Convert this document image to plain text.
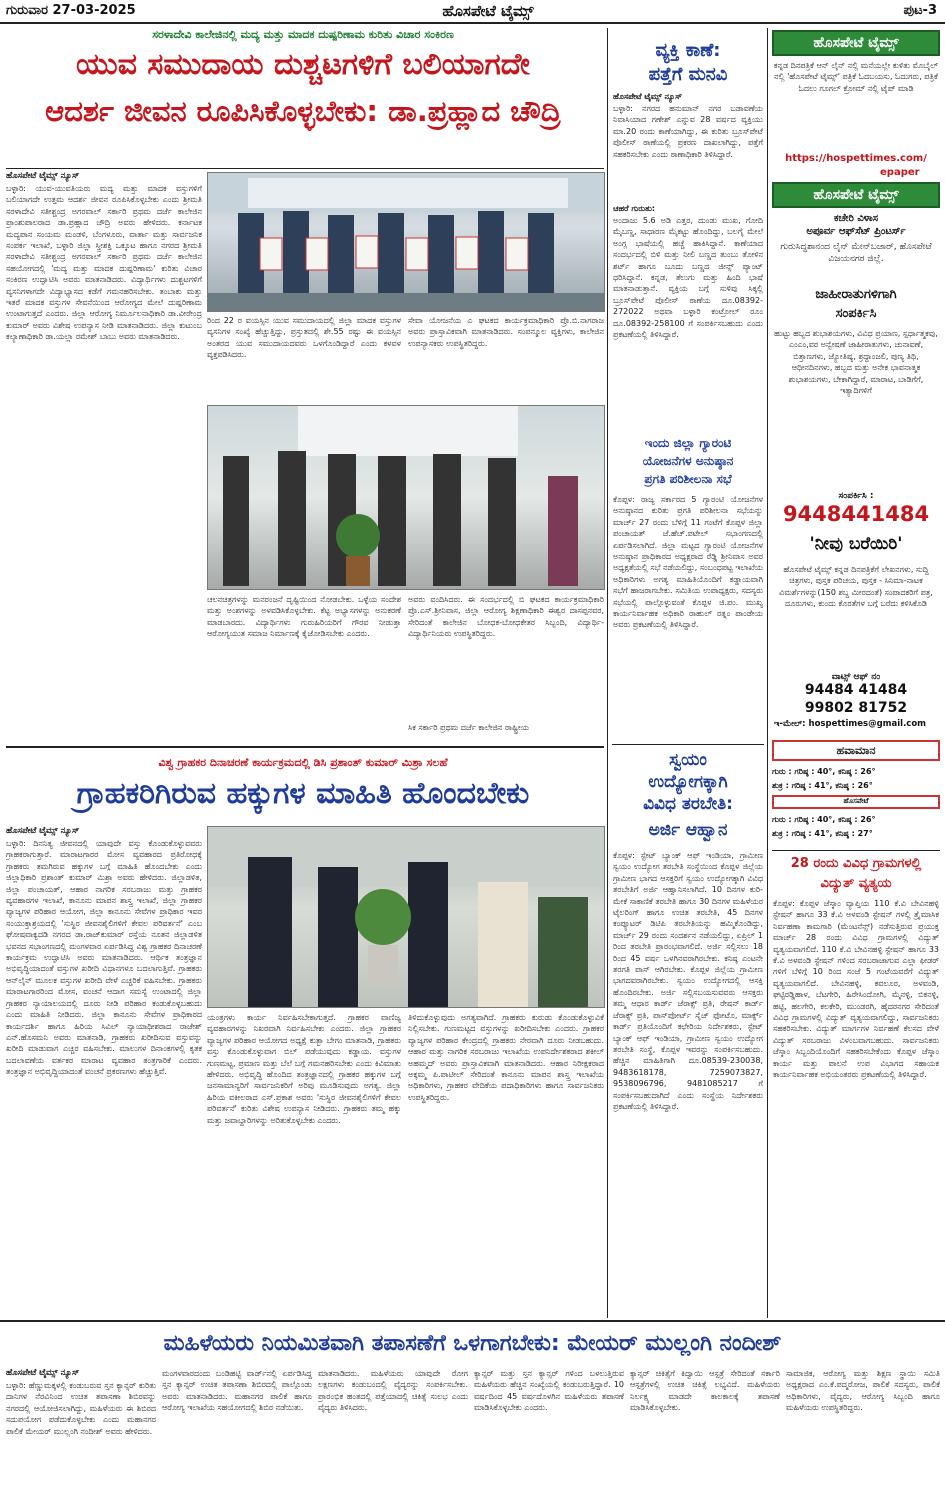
ಗುರುವಾರ 27-03-2025	ಹೊಸಪೇಟೆ ಟೈಮ್ಸ್	ಪುಟ-3
ಸರಳಾದೇವಿ ಕಾಲೇಜಿನಲ್ಲಿ ಮದ್ಯ ಮತ್ತು ಮಾದಕ ದುಷ್ಪರಿಣಾಮ ಕುರಿತು ವಿಚಾರ ಸಂಕಿರಣ
ಯುವ ಸಮುದಾಯ ದುಶ್ಚಟಗಳಿಗೆ ಬಲಿಯಾಗದೇ
ಆದರ್ಶ ಜೀವನ ರೂಪಿಸಿಕೊಳ್ಳಬೇಕು: ಡಾ.ಪ್ರಹ್ಲಾದ ಚೌದ್ರಿ
ಹೊಸಪೇಟೆ ಟೈಮ್ಸ್ ನ್ಯೂಸ್
ಬಳ್ಳಾರಿ: ಯುವ-ಯುವತಿಯರು ಮದ್ಯ ಮತ್ತು ಮಾದಕ ವಸ್ತುಗಳಿಗೆ ಬಲಿಯಾಗದೇ ಉತ್ತಮ ಆದರ್ಶ ಜೀವನ ರೂಪಿಸಿಕೊಳ್ಳಬೇಕು ಎಂದು ಶ್ರೀಮತಿ ಸರಳಾದೇವಿ ಸತೀಶ್ಚಂದ್ರ ಅಗರವಾಲ್ ಸರ್ಕಾರಿ ಪ್ರಥಮ ದರ್ಜೆ ಕಾಲೇಜಿನ ಪ್ರಾಂಶುಪಾಲರಾದ ಡಾ.ಪ್ರಹ್ಲಾದ ಚೌದ್ರಿ ಅವರು ಹೇಳಿದರು. ಕರ್ನಾಟಕ ಮದ್ಯಪಾನ ಸಂಯಮ ಮಂಡಳಿ, ಬೆಂಗಳೂರು, ವಾರ್ತಾ ಮತ್ತು ಸಾರ್ವಜನಿಕ ಸಂಪರ್ಕ ಇಲಾಖೆ, ಬಳ್ಳಾರಿ ಜಿಲ್ಲಾ ಸ್ತ್ರೀಶಕ್ತಿ ಒಕ್ಕೂಟ ಹಾಗೂ ನಗರದ ಶ್ರೀಮತಿ ಸರಳಾದೇವಿ ಸತೀಶ್ಚಂದ್ರ ಅಗರವಾಲ್ ಸರ್ಕಾರಿ ಪ್ರಥಮ ದರ್ಜೆ ಕಾಲೇಜಿನ ಸಹಯೋಗದಲ್ಲಿ 'ಮದ್ಯ ಮತ್ತು ಮಾದಕ ದುಷ್ಪರಿಣಾಮ' ಕುರಿತು ವಿಚಾರ ಸಂಕಿರಣ ಉದ್ಘಾಟಿಸಿ ಅವರು ಮಾತನಾಡಿದರು. ವಿದ್ಯಾರ್ಥಿಗಳು ದುಶ್ಚಟಗಳಿಗೆ ವ್ಯಸನಿಗಳಾಗದೇ ವಿದ್ಯಾಭ್ಯಾಸದ ಕಡೆಗೆ ಗಮನಹರಿಸಬೇಕು. ತಂಬಾಕು ಮತ್ತು ಇತರೆ ಮಾದಕ ವಸ್ತುಗಳ ಸೇವನೆಯಿಂದ ಆರೋಗ್ಯದ ಮೇಲೆ ದುಷ್ಪರಿಣಾಮ ಉಂಟಾಗುತ್ತದೆ ಎಂದರು. ಜಿಲ್ಲಾ ಆರೋಗ್ಯ ನಿರ್ಮೂಲನಾಧಿಕಾರಿ ಡಾ.ವೀರೇಂದ್ರ ಕುಮಾರ್ ಅವರು ವಿಶೇಷ ಉಪನ್ಯಾಸ ನೀಡಿ ಮಾತನಾಡಿದರು. ಜಿಲ್ಲಾ ಕುಟುಂಬ ಕಲ್ಯಾಣಾಧಿಕಾರಿ ಡಾ.ಯಲ್ಲಾ ರಮೇಶ್ ಬಾಬು ಅವರು ಮಾತನಾಡಿದರು.
ರಿಂದ 22 ರ ವಯಸ್ಸಿನ ಯುವ ಸಮುದಾಯದಲ್ಲಿ ಜಿಲ್ಲಾ ಮಾದಕ ವಸ್ತುಗಳ ವ್ಯಸನಿಗಳ ಸಂಖ್ಯೆ ಹೆಚ್ಚುತ್ತಿದ್ದು, ಪ್ರಸ್ತುತದಲ್ಲಿ ಶೇ.55 ರಷ್ಟು ಈ ವಯಸ್ಸಿನ ಅಂತರದ ಯುವ ಸಮುದಾಯದವರು ಒಳಗೊಂಡಿದ್ದಾರೆ ಎಂದು ಕಳವಳ ವ್ಯಕ್ತಪಡಿಸಿದರು.
ಸೇವಾ ಯೋಜನೆಯ ಎ ಘಟಕದ ಕಾರ್ಯಕ್ರಮಾಧಿಕಾರಿ ಪ್ರೊ.ಬಿ.ನಾಗರಾಜ ಅವರು ಪ್ರಾಸ್ತಾವಿಕವಾಗಿ ಮಾತನಾಡಿದರು. ಸಂಪನ್ಮೂಲ ವ್ಯಕ್ತಿಗಳು, ಕಾಲೇಜಿನ ಉಪನ್ಯಾಸಕರು ಉಪಸ್ಥಿತರಿದ್ದರು.
ಚಲನಚಿತ್ರಗಳನ್ನು ಮನರಂಜನೆ ದೃಷ್ಟಿಯಿಂದ ನೋಡಬೇಕು. ಒಳ್ಳೆಯ ಸಂದೇಶ ಮತ್ತು ಅಂಶಗಳನ್ನು ಅಳವಡಿಸಿಕೊಳ್ಳಬೇಕು. ಕೆಟ್ಟ ಅಭ್ಯಾಸಗಳನ್ನು ಅನುಕರಣೆ ಮಾಡಬಾರದು. ವಿದ್ಯಾರ್ಥಿಗಳು ಗುರುಹಿರಿಯರಿಗೆ ಗೌರವ ನೀಡುತ್ತಾ ಆರೋಗ್ಯಯುತ ಸಮಾಜ ನಿರ್ಮಾಣಕ್ಕೆ ಕೈಜೋಡಿಸಬೇಕು ಎಂದರು.
ಅವರು ವಂದಿಸಿದರು. ಈ ಸಂದರ್ಭದಲ್ಲಿ ಬಿ ಘಟಕದ ಕಾರ್ಯಕ್ರಮಾಧಿಕಾರಿ ಪ್ರೊ.ಎಸ್.ಶ್ರೀನಿವಾಸ, ಜಿಲ್ಲಾ ಆರೋಗ್ಯ ಶಿಕ್ಷಣಾಧಿಕಾರಿ ಈಶ್ವರ ದಾಸಪ್ಪನವರ, ಸೇರಿದಂತೆ ಕಾಲೇಜಿನ ಬೋಧಕ-ಬೋಧಕೇತರ ಸಿಬ್ಬಂದಿ, ವಿದ್ಯಾರ್ಥಿ-ವಿದ್ಯಾರ್ಥಿನಿಯರು ಉಪಸ್ಥಿತರಿದ್ದರು.
ಸಿಕ ಸರ್ಕಾರಿ ಪ್ರಥಮ ದರ್ಜೆ ಕಾಲೇಜಿನ ರಾಷ್ಟ್ರೀಯ
ವಿಶ್ವ ಗ್ರಾಹಕರ ದಿನಾಚರಣೆ ಕಾರ್ಯಕ್ರಮದಲ್ಲಿ ಡಿಸಿ ಪ್ರಶಾಂತ್ ಕುಮಾರ್ ಮಿಶ್ರಾ ಸಲಹೆ
ಗ್ರಾಹಕರಿಗಿರುವ ಹಕ್ಕುಗಳ ಮಾಹಿತಿ ಹೊಂದಬೇಕು
ಹೊಸಪೇಟೆ ಟೈಮ್ಸ್ ನ್ಯೂಸ್
ಬಳ್ಳಾರಿ: ದಿನನಿತ್ಯ ಜೀವನದಲ್ಲಿ ಯಾವುದೇ ವಸ್ತು ಕೊಂಡುಕೊಳ್ಳುವವರು ಗ್ರಾಹಕರಾಗುತ್ತಾರೆ. ಮಾರಾಟಗಾರರ ಮೋಸ ವ್ಯವಹಾರದ ಪ್ರತಿರೋಧಕ್ಕೆ ಗ್ರಾಹಕರು ತಮಗಿರುವ ಹಕ್ಕುಗಳ ಬಗ್ಗೆ ಮಾಹಿತಿ ಹೊಂದಬೇಕು ಎಂದು ಜಿಲ್ಲಾಧಿಕಾರಿ ಪ್ರಶಾಂತ್ ಕುಮಾರ್ ಮಿಶ್ರಾ ಅವರು ಹೇಳಿದರು. ಜಿಲ್ಲಾಡಳಿತ, ಜಿಲ್ಲಾ ಪಂಚಾಯತ್, ಆಹಾರ ನಾಗರಿಕ ಸರಬರಾಜು ಮತ್ತು ಗ್ರಾಹಕರ ವ್ಯವಹಾರಗಳ ಇಲಾಖೆ, ಕಾನೂನು ಮಾಪನ ಶಾಸ್ತ್ರ ಇಲಾಖೆ, ಜಿಲ್ಲಾ ಗ್ರಾಹಕರ ವ್ಯಾಜ್ಯಗಳ ಪರಿಹಾರ ಆಯೋಗ, ಜಿಲ್ಲಾ ಕಾನೂನು ಸೇವೆಗಳ ಪ್ರಾಧಿಕಾರ ಇವರ ಸಂಯುಕ್ತಾಶ್ರಯದಲ್ಲಿ 'ಸುಸ್ಥಿರ ಜೀವನಶೈಲಿಗಳಿಗೆ ಕೇವಲ ಪರಿವರ್ತನೆ' ಎಂಬ ಘೋಷವಾಕ್ಯದಡಿ ನಗರದ ಡಾ.ರಾಜ್‌ಕುಮಾರ್ ರಸ್ತೆಯ ನೂತನ ಜಿಲ್ಲಾಡಳಿತ ಭವನದ ಸಭಾಂಗಣದಲ್ಲಿ ಮಂಗಳವಾರ ಏರ್ಪಡಿಸಿದ್ದ ವಿಶ್ವ ಗ್ರಾಹಕರ ದಿನಾಚರಣೆ ಕಾರ್ಯಕ್ರಮ ಉದ್ಘಾಟಿಸಿ ಅವರು ಮಾತನಾಡಿದರು. ಆರ್ಥಿಕ ತಂತ್ರಜ್ಞಾನ ಅಭಿವೃದ್ಧಿಯಾದಂತೆ ವಸ್ತುಗಳ ಖರೀದಿ ವಿಧಾನಗಳೂ ಬದಲಾಗುತ್ತಿವೆ. ಗ್ರಾಹಕರು ಆನ್‌ಲೈನ್ ಮೂಲಕ ವಸ್ತುಗಳ ಖರೀದಿ ವೇಳೆ ಎಚ್ಚರಿಕೆ ವಹಿಸಬೇಕು. ಗ್ರಾಹಕರು ಮಾರಾಟಗಾರರಿಂದ ಮೋಸ, ವಂಚನೆ ಆದಾಗ ಸಮಸ್ಯೆ ಉಂಟಾದಲ್ಲಿ ಜಿಲ್ಲಾ ಗ್ರಾಹಕರ ನ್ಯಾಯಾಲಯದಲ್ಲಿ ದೂರು ನೀಡಿ ಪರಿಹಾರ ಕಂಡುಕೊಳ್ಳಬಹುದು ಎಂದು ಮಾಹಿತಿ ನೀಡಿದರು. ಜಿಲ್ಲಾ ಕಾನೂನು ಸೇವೆಗಳ ಪ್ರಾಧಿಕಾರದ ಕಾರ್ಯದರ್ಶಿ ಹಾಗೂ ಹಿರಿಯ ಸಿವಿಲ್ ನ್ಯಾಯಾಧೀಶರಾದ ರಾಜೇಶ್ ಎನ್.ಹೊಸಮನಿ ಅವರು ಮಾತನಾಡಿ, ಗ್ರಾಹಕರು ಖರೀದಿಸುವ ವಸ್ತುವನ್ನು ಖರೀದಿ ಮಾಡುವಾಗ ಎಚ್ಚರ ವಹಿಸಬೇಕು. ಮಾಲುಗಳ ದಿನಾಂಕಗಳಲ್ಲಿ ಕೃತಕ ಬದಲಾವಣೆಯ ವರ್ತಕರ ಮಾರಾಟ ವ್ಯವಹಾರ ತಂತ್ರಗಾರಿಕೆ ಎಂದರು. ತಂತ್ರಜ್ಞಾನ ಅಭಿವೃದ್ಧಿಯಾದಂತೆ ವಂಚನೆ ಪ್ರಕರಣಗಳು ಹೆಚ್ಚುತ್ತಿವೆ.
ಯಂತ್ರಗಳು ಕಾರ್ಯ ನಿರ್ವಹಿಸಬೇಕಾಗುತ್ತದೆ. ಗ್ರಾಹಕರ ವಾಣಿಜ್ಯ ವ್ಯವಹಾರಗಳನ್ನು ನಿಖರವಾಗಿ ನಿರ್ವಹಿಸಬೇಕು ಎಂದರು. ಜಿಲ್ಲಾ ಗ್ರಾಹಕರ ವ್ಯಾಜ್ಯಗಳ ಪರಿಹಾರ ಆಯೋಗದ ಅಧ್ಯಕ್ಷೆ ಕುತ್ಬಾ ಬೇಗಂ ಮಾತನಾಡಿ, ಗ್ರಾಹಕರು ವಸ್ತು ಕೊಂಡುಕೊಳ್ಳುವಾಗ ಬಿಲ್ ಪಡೆಯುವುದು ಕಡ್ಡಾಯ. ವಸ್ತುಗಳ ಗುಣಮಟ್ಟ, ಪ್ರಮಾಣ ಮತ್ತು ಬೆಲೆ ಬಗ್ಗೆ ಗಮನಹರಿಸಬೇಕು ಎಂದು ಕಿವಿಮಾತು ಹೇಳಿದರು. ಅಭಿವೃದ್ಧಿ ಹೊಂದಿದ ತಂತ್ರಜ್ಞಾನದಲ್ಲಿ ಗ್ರಾಹಕರ ಹಕ್ಕುಗಳ ಬಗ್ಗೆ ಜನಸಾಮಾನ್ಯರಿಗೆ ಸಾರ್ವಜನಿಕರಿಗೆ ಅರಿವು ಮೂಡಿಸುವುದು ಅಗತ್ಯ. ಜಿಲ್ಲಾ ಹಿರಿಯ ವಕೀಲರಾದ ಎಸ್.ಪ್ರಕಾಶ ಅವರು 'ಸುಸ್ಥಿರ ಜೀವನಶೈಲಿಗಳಿಗೆ ಕೇವಲ ಪರಿವರ್ತನೆ' ಕುರಿತು ವಿಶೇಷ ಉಪನ್ಯಾಸ ನೀಡಿದರು. ಗ್ರಾಹಕರು ತಮ್ಮ ಹಕ್ಕು ಮತ್ತು ಜವಾಬ್ದಾರಿಗಳನ್ನು ಅರಿತುಕೊಳ್ಳಬೇಕು ಎಂದರು.
ತಿಳಿದುಕೊಳ್ಳುವುದು ಅಗತ್ಯವಾಗಿದೆ. ಗ್ರಾಹಕರು ಕುರುಡು ಕೊಂಡುಕೊಳ್ಳುವಿಕೆ ನಿಲ್ಲಿಸಬೇಕು. ಗುಣಮಟ್ಟದ ವಸ್ತುಗಳನ್ನು ಖರೀದಿಸಬೇಕು ಎಂದರು. ಗ್ರಾಹಕರ ವ್ಯಾಜ್ಯಗಳ ಪರಿಹಾರ ಕೇಂದ್ರದಲ್ಲಿ ಗ್ರಾಹಕರು ನೇರವಾಗಿ ದೂರು ನೀಡಬಹುದು. ಆಹಾರ ಮತ್ತು ನಾಗರಿಕ ಸರಬರಾಜು ಇಲಾಖೆಯ ಉಪನಿರ್ದೇಶಕರಾದ ಶಕೀಲ್ ಅಹಮ್ಮದ್ ಅವರು ಪ್ರಾಸ್ತಾವಿಕವಾಗಿ ಮಾತನಾಡಿದರು. ಆಹಾರ ನಿರೀಕ್ಷಕರಾದ ಅಕ್ಕಮ್ಮ ಪಿ.ಪಾಟೀಲ್ ಸೇರಿದಂತೆ ಕಾನೂನು ಮಾಪನ ಶಾಸ್ತ್ರ ಇಲಾಖೆಯ ಅಧಿಕಾರಿಗಳು, ಗ್ರಾಹಕರ ವೇದಿಕೆಯ ಪದಾಧಿಕಾರಿಗಳು ಹಾಗೂ ಸಾರ್ವಜನಿಕರು ಉಪಸ್ಥಿತರಿದ್ದರು.
ವ್ಯಕ್ತಿ ಕಾಣೆ:
ಪತ್ತೆಗೆ ಮನವಿ
ಹೊಸಪೇಟೆ ಟೈಮ್ಸ್ ನ್ಯೂಸ್
ಬಳ್ಳಾರಿ: ನಗರದ ಹನುಮಾನ್ ನಗರ ಬಡಾವಣೆಯ ನಿವಾಸಿಯಾದ ಗಣೇಶ್ ಎನ್ನುವ 28 ವರ್ಷದ ವ್ಯಕ್ತಿಯು ಮಾ.20 ರಂದು ಕಾಣೆಯಾಗಿದ್ದು, ಈ ಕುರಿತು ಬ್ರೂಸ್‌ಪೇಟೆ ಪೊಲೀಸ್ ಠಾಣೆಯಲ್ಲಿ ಪ್ರಕರಣ ದಾಖಲಾಗಿದ್ದು, ಪತ್ತೆಗೆ ಸಹಕರಿಸಬೇಕು ಎಂದು ಠಾಣಾಧಿಕಾರಿ ತಿಳಿಸಿದ್ದಾರೆ.
ಚಹರೆ ಗುರುತು:
ಅಂದಾಜು 5.6 ಅಡಿ ಎತ್ತರ, ದುಂಡು ಮುಖ, ಗೋದಿ ಮೈಬಣ್ಣ, ಸಾಧಾರಣ ಮೈಕಟ್ಟು ಹೊಂದಿದ್ದು, ಬಲಗೈ ಮೇಲೆ ಅಂಗ್ಲ ಭಾಷೆಯಲ್ಲಿ ಹಚ್ಚೆ ಹಾಕಿಸಿದ್ದಾನೆ. ಕಾಣೆಯಾದ ಸಂದರ್ಭದಲ್ಲಿ ಬಿಳಿ ಮತ್ತು ನೀಲಿ ಬಣ್ಣದ ತುಂಬು ತೋಳಿನ ಶರ್ಟ್ ಹಾಗೂ ಬೂದು ಬಣ್ಣದ ಜೀನ್ಸ್ ಪ್ಯಾಂಟ್ ಧರಿಸಿದ್ದಾನೆ. ಕನ್ನಡ, ತೆಲುಗು ಮತ್ತು ಹಿಂದಿ ಭಾಷೆ ಮಾತನಾಡುತ್ತಾನೆ. ವ್ಯಕ್ತಿಯ ಬಗ್ಗೆ ಸುಳಿವು ಸಿಕ್ಕಲ್ಲಿ ಬ್ರೂಸ್‌ಪೇಟೆ ಪೊಲೀಸ್ ಠಾಣೆಯ ದೂ.08392-272022 ಅಥವಾ ಬಳ್ಳಾರಿ ಕಂಟ್ರೋಲ್ ರೂಂ ದೂ.08392-258100 ಗೆ ಸಂಪರ್ಕಿಸಬಹುದು ಎಂದು ಪ್ರಕಟಣೆಯಲ್ಲಿ ತಿಳಿಸಿದ್ದಾರೆ.
ಇಂದು ಜಿಲ್ಲಾ ಗ್ಯಾರಂಟಿ
ಯೋಜನೆಗಳ ಅನುಷ್ಠಾನ
ಪ್ರಗತಿ ಪರಿಶೀಲನಾ ಸಭೆ
ಕೊಪ್ಪಳ: ರಾಜ್ಯ ಸರ್ಕಾರದ 5 ಗ್ಯಾರಂಟಿ ಯೋಜನೆಗಳ ಅನುಷ್ಠಾನದ ಕುರಿತು ಪ್ರಗತಿ ಪರಿಶೀಲನಾ ಸಭೆಯನ್ನು ಮಾರ್ಚ್ 27 ರಂದು ಬೆಳಿಗ್ಗೆ 11 ಗಂಟೆಗೆ ಕೊಪ್ಪಳ ಜಿಲ್ಲಾ ಪಂಚಾಯತ್ ಜೆ.ಹೆಚ್.ಪಟೇಲ್ ಸಭಾಂಗಣದಲ್ಲಿ ಏರ್ಪಡಿಸಲಾಗಿದೆ. ಜಿಲ್ಲಾ ಮಟ್ಟದ ಗ್ಯಾರಂಟಿ ಯೋಜನೆಗಳ ಅನುಷ್ಠಾನ ಪ್ರಾಧಿಕಾರದ ಅಧ್ಯಕ್ಷರಾದ ರೆಡ್ಡಿ ಶ್ರೀನಿವಾಸ ಅವರ ಅಧ್ಯಕ್ಷತೆಯಲ್ಲಿ ಸಭೆ ನಡೆಯಲಿದ್ದು, ಸಂಬಂಧಪಟ್ಟ ಇಲಾಖೆಯ ಅಧಿಕಾರಿಗಳು ಅಗತ್ಯ ಮಾಹಿತಿಯೊಂದಿಗೆ ಕಡ್ಡಾಯವಾಗಿ ಸಭೆಗೆ ಹಾಜರಾಗಬೇಕು. ಸಮಿತಿಯ ಉಪಾಧ್ಯಕ್ಷರು, ಸದಸ್ಯರು ಸಭೆಯಲ್ಲಿ ಪಾಲ್ಗೊಳ್ಳುವಂತೆ ಕೊಪ್ಪಳ ಜಿ.ಪಂ. ಮುಖ್ಯ ಕಾರ್ಯನಿರ್ವಾಹಕ ಅಧಿಕಾರಿ ರಾಹುಲ್ ರತ್ನಂ ಪಾಂಡೇಯ ಅವರು ಪ್ರಕಟಣೆಯಲ್ಲಿ ತಿಳಿಸಿದ್ದಾರೆ.
ಸ್ವಯಂ
ಉದ್ಯೋಗಕ್ಕಾಗಿ
ವಿವಿಧ ತರಬೇತಿ:
ಅರ್ಜಿ ಆಹ್ವಾನ
ಕೊಪ್ಪಳ: ಸ್ಟೇಟ್ ಬ್ಯಾಂಕ್ ಆಫ್ ಇಂಡಿಯಾ, ಗ್ರಾಮೀಣ ಸ್ವಯಂ ಉದ್ಯೋಗ ತರಬೇತಿ ಸಂಸ್ಥೆಯಿಂದ ಕೊಪ್ಪಳ ಜಿಲ್ಲೆಯ ಗ್ರಾಮೀಣ ಭಾಗದ ಆಸಕ್ತರಿಗೆ ಸ್ವಯಂ ಉದ್ಯೋಗಕ್ಕಾಗಿ ವಿವಿಧ ತರಬೇತಿಗೆ ಅರ್ಜಿ ಆಹ್ವಾನಿಸಲಾಗಿದೆ. 10 ದಿನಗಳ ಕುರಿ-ಮೇಕೆ ಸಾಕಾಣಿಕೆ ತರಬೇತಿ ಹಾಗೂ 30 ದಿನಗಳ ಮಹಿಳೆಯರ ಟೈಲರಿಂಗ್ ಹಾಗೂ ಉಚಿತ ತರಬೇತಿ, 45 ದಿನಗಳ ಕಂಪ್ಯೂಟರ್ ಡಿಟಿಪಿ ತರಬೇತಿಯನ್ನು ಹಮ್ಮಿಕೊಂಡಿದ್ದು, ಮಾರ್ಚ್ 29 ರಂದು ಸಂದರ್ಶನ ನಡೆಯಲಿದ್ದು, ಏಪ್ರಿಲ್ 1 ರಿಂದ ತರಬೇತಿ ಪ್ರಾರಂಭವಾಗಲಿದೆ. ಅರ್ಜಿ ಸಲ್ಲಿಸಲು 18 ರಿಂದ 45 ವರ್ಷ ಒಳಗಿನವರಾಗಿರಬೇಕು. ಕನಿಷ್ಠ ಎಂಟನೇ ತರಗತಿ ಪಾಸ್ ಆಗಿರಬೇಕು. ಕೊಪ್ಪಳ ಜಿಲ್ಲೆಯ ಗ್ರಾಮೀಣ ಭಾಗದವರಾಗಿರಬೇಕು. ಸ್ವಯಂ ಉದ್ಯೋಗದಲ್ಲಿ ಆಸಕ್ತಿ ಹೊಂದಿರಬೇಕು. ಅರ್ಜಿ ಸಲ್ಲಿಸಬಯಸುವವರು ಆಸಕ್ತರು ತಮ್ಮ ಆಧಾರ ಕಾರ್ಡ್ ಜೆರಾಕ್ಸ್ ಪ್ರತಿ, ರೇಷನ್ ಕಾರ್ಡ್ ಜೆರಾಕ್ಸ್ ಪ್ರತಿ, ಪಾಸ್‌ಪೋರ್ಟ್ ಸೈಜ್ ಫೋಟೊ, ಮಾರ್ಕ್ಸ್ ಕಾರ್ಡ್ ಪ್ರತಿಯೊಂದಿಗೆ ಕಛೇರಿಯ ನಿರ್ದೇಶಕರು, ಸ್ಟೇಟ್ ಬ್ಯಾಂಕ್ ಆಫ್ ಇಂಡಿಯಾ, ಗ್ರಾಮೀಣ ಸ್ವಯಂ ಉದ್ಯೋಗ ತರಬೇತಿ ಸಂಸ್ಥೆ, ಕೊಪ್ಪಳ ಇವರನ್ನು ಸಂಪರ್ಕಿಸಬಹುದು. ಹೆಚ್ಚಿನ ಮಾಹಿತಿಗಾಗಿ ದೂ.08539-230038, 9483618178, 7259073827, 9538096796, 9481085217 ಗೆ ಸಂಪರ್ಕಿಸಬಹುದಾಗಿದೆ ಎಂದು ಸಂಸ್ಥೆಯ ನಿರ್ದೇಶಕರು ಪ್ರಕಟಣೆಯಲ್ಲಿ ತಿಳಿಸಿದ್ದಾರೆ.
ಹೊಸಪೇಟೆ ಟೈಮ್ಸ್
ಕನ್ನಡ ದಿನಪತ್ರಿಕೆ ಆನ್ ಲೈನ್ ನಲ್ಲಿ ಮನೆಯಲ್ಲೇ ಕುಳಿತು ಮೊಬೈಲ್ ನಲ್ಲಿ 'ಹೊಸಪೇಟೆ ಟೈಮ್ಸ್' ಪತ್ರಿಕೆ ಓದಬಯಸು, ಓದುಗರು, ಪತ್ರಿಕೆ ಓದಲು ಗೂಗಲ್ ಕ್ರೋಮ್ ನಲ್ಲಿ ಟೈಪ್ ಮಾಡಿ
https://hospettimes.com/
epaper
ಹೊಸಪೇಟೆ ಟೈಮ್ಸ್
ಕಚೇರಿ ವಿಳಾಸ
ಅಪೂರ್ವ ಆಫ್‌ಸೆಟ್ ಪ್ರಿಂಟರ್ಸ್
ಗುರುಸಿದ್ಧಶಾನಂದ ಲೈನ್ ಮೇನ್‌ಬಜಾರ್, ಹೊಸಪೇಟೆ ವಿಜಯನಗರ ಜಿಲ್ಲೆ.
ಜಾಹೀರಾತುಗಳಿಗಾಗಿ
ಸಂಪರ್ಕಿಸಿ
ಹುಟ್ಟು ಹಬ್ಬದ ಶುಭಾಶಯಗಳು, ವಿವಿಧ ಪ್ರಯಾಣ, ಸ್ಪರ್ಧಾತ್ಮಕವು, ಎಂಎಂ,ವರ ಅನ್ವೇಷಣೆ ಜಾಹೀರಾತುಗಳು, ಚುನಾವಣೆ, ಬಿತ್ತಾಣಗಳು, ಜ್ಯೋತಿಷ್ಯ, ಶ್ರದ್ಧಾಂಜಲಿ, ಪುಣ್ಯ ತಿಥಿ, ಆಧೀನದಿನಗಳು, ಹಬ್ಬದ ಮತ್ತು ಅನೇಕ ಭಾವನಾತ್ಮಕ ಶುಭಾಶಯಗಳು, ಬೇಕಾಗಿದ್ದಾರೆ, ಮಾರಾಟ, ಬಾಡಿಗೆಗೆ, ಇತ್ಯಾದಿಗಳಿಗೆ
ಸಂಪರ್ಕಿಸಿ :
9448441484
'ನೀವು ಬರೆಯಿರಿ'
ಹೊಸಪೇಟೆ ಟೈಮ್ಸ್ ಕನ್ನಡ ದಿನಪತ್ರಿಕೆಗೆ ಲೇಖನಗಳು, ಸುದ್ದಿ ಚಿತ್ರಗಳು, ಪುಸ್ತಕ ಪರಿಚಯ, ಪುಸ್ತಕ - ಸಿನಿಮಾ-ನಾಟಕ ವಿಮರ್ಶೆಗಳನ್ನು(150 ಶಬ್ದ ಮೀರದಂತೆ) ಸಂಪಾದಕರಿಗೆ ಪತ್ರ, ದೂರುಗಳು, ಕುಂದು ಕೊರತೆಗಳ ಬಗ್ಗೆ ಬರೆದು ಕಳಿಸಿಕೊಡಿ
ವಾಟ್ಸ್ ಆಫ್ ನಂ
94484 41484
99802 81752
ಇ-ಮೇಲ್: hospettimes@gmail.com
ಹವಾಮಾನ
ಗುರು : ಗರಿಷ್ಠ : 40°, ಕನಿಷ್ಠ : 26°
ಶುಕ್ರ : ಗರಿಷ್ಠ : 41°, ಕನಿಷ್ಠ : 26°
ಹೊಸಪೇಟೆ
ಗುರು : ಗರಿಷ್ಠ : 40°, ಕನಿಷ್ಠ : 26°
ಶುಕ್ರ : ಗರಿಷ್ಠ : 41°, ಕನಿಷ್ಠ : 27°
28 ರಂದು ವಿವಿಧ ಗ್ರಾಮಗಳಲ್ಲಿ
ವಿದ್ಯುತ್ ವ್ಯತ್ಯಯ
ಕೊಪ್ಪಳ: ಕೊಪ್ಪಳ ಜೆಸ್ಕಾಂ ವ್ಯಾಪ್ತಿಯ 110 ಕೆ.ವಿ ಬೇವಿನಹಳ್ಳಿ ಸ್ಟೇಷನ್ ಹಾಗೂ 33 ಕೆ.ವಿ ಅಳವಂಡಿ ಸ್ಟೇಷನ್ ಗಳಲ್ಲಿ ತ್ರೈಮಾಸಿಕ ನಿರ್ವಹಣಾ ಕಾಮಗಾರಿ (ಮೆಂಟನೆನ್ಸ್) ನಡೆಸುತ್ತಿರುವ ಪ್ರಯುಕ್ತ ಮಾರ್ಚ್ 28 ರಂದು ವಿವಿಧ ಗ್ರಾಮಗಳಲ್ಲಿ ವಿದ್ಯುತ್ ವ್ಯತ್ಯಯವಾಗಲಿದೆ. 110 ಕೆ.ವಿ ಬೇವಿನಹಳ್ಳಿ ಸ್ಟೇಷನ್ ಹಾಗೂ 33 ಕೆ.ವಿ ಅಳವಂಡಿ ಸ್ಟೇಷನ್ ಗಳಿಂದ ಸರಬರಾಜಾಗುವ ಎಲ್ಲಾ ಫೀಡರ್ ಗಳಿಗೆ ಬೆಳಿಗ್ಗೆ 10 ರಿಂದ ಸಂಜೆ 5 ಗಂಟೆಯವರೆಗೆ ವಿದ್ಯುತ್ ವ್ಯತ್ಯಯವಾಗಲಿದೆ. ಬೇವಿನಹಳ್ಳಿ, ಕವಲೂರ, ಅಳವಂಡಿ, ಘಟ್ಟಿರಡ್ಡಿಹಾಳ, ಬೆಟಗೇರಿ, ಹಿರೇಸಿಂದೋಗಿ, ಮೈನಳ್ಳಿ, ಬಿಕನಳ್ಳಿ, ಹಟ್ಟಿ, ಹಲಗೇರಿ, ಕಲಕೇರಿ, ಮುಂಡರಗಿ, ಹೈದರನಗರ ಸೇರಿದಂತೆ ವಿವಿಧ ಗ್ರಾಮಗಳಲ್ಲಿ ವಿದ್ಯುತ್ ವ್ಯತ್ಯಯವಾಗಲಿದ್ದು, ಸಾರ್ವಜನಿಕರು ಸಹಕರಿಸಬೇಕು. ವಿದ್ಯುತ್ ಮಾರ್ಗಗಳ ನಿರ್ವಹಣೆ ಕೆಲಸದ ವೇಳೆ ವಿದ್ಯುತ್ ಸರಬರಾಜು ವಿಳಂಬವಾಗಬಹುದು. ಸಾರ್ವಜನಿಕರು ಜೆಸ್ಕಾಂ ಸಿಬ್ಬಂದಿಯೊಂದಿಗೆ ಸಹಕರಿಸಬೇಕೆಂದು ಕೊಪ್ಪಳ ಜೆಸ್ಕಾಂ ಕಾರ್ಯ ಮತ್ತು ಪಾಲನೆ ಉಪ ವಿಭಾಗದ ಸಹಾಯಕ ಕಾರ್ಯನಿರ್ವಾಹಕ ಅಭಿಯಂತರರು ಪ್ರಕಟಣೆಯಲ್ಲಿ ತಿಳಿಸಿದ್ದಾರೆ.
ಮಹಿಳೆಯರು ನಿಯಮಿತವಾಗಿ ತಪಾಸಣೆಗೆ ಒಳಗಾಗಬೇಕು: ಮೇಯರ್ ಮುಲ್ಲಂಗಿ ನಂದೀಶ್
ಹೊಸಪೇಟೆ ಟೈಮ್ಸ್ ನ್ಯೂಸ್
ಬಳ್ಳಾರಿ: ಹೆಣ್ಣುಮಕ್ಕಳಲ್ಲಿ ಕಂಡುಬರುವ ಸ್ತನ ಕ್ಯಾನ್ಸರ್ ಕುರಿತು ದಾನಿಗಳ ನೆರವಿನಿಂದ ಉಚಿತ ತಪಾಸಣಾ ಶಿಬಿರವನ್ನು ನಗರದಲ್ಲಿ ಆಯೋಜಿಸಲಾಗಿದ್ದು, ಮಹಿಳೆಯರು ಈ ಶಿಬಿರದ ಸದುಪಯೋಗ ಪಡೆದುಕೊಳ್ಳಬೇಕು ಎಂದು ಮಹಾನಗರ ಪಾಲಿಕೆ ಮೇಯರ್ ಮುಲ್ಲಂಗಿ ನಂದೀಶ್ ಅವರು ಹೇಳಿದರು.
ಮಂಗಳವಾರದಂದು ಬಂಡಿಹಟ್ಟಿ ವಾರ್ಡ್‌ನಲ್ಲಿ ಏರ್ಪಡಿಸಿದ್ದ ಸ್ತನ ಕ್ಯಾನ್ಸರ್ ಉಚಿತ ತಪಾಸಣಾ ಶಿಬಿರದಲ್ಲಿ ಪಾಲ್ಗೊಂಡು ಅವರು ಮಾತನಾಡಿದರು. ಮಹಾನಗರ ಪಾಲಿಕೆ ಹಾಗೂ ಆರೋಗ್ಯ ಇಲಾಖೆಯ ಸಹಯೋಗದಲ್ಲಿ ಶಿಬಿರ ನಡೆಯಿತು.
ಮಾತನಾಡಿದರು. ಮಹಿಳೆಯರು ಯಾವುದೇ ರೋಗ ಲಕ್ಷಣಗಳು ಕಂಡುಬಂದಲ್ಲಿ ವೈದ್ಯರನ್ನು ಸಂಪರ್ಕಿಸಬೇಕು. ಪ್ರಾರಂಭಿಕ ಹಂತದಲ್ಲಿ ಪತ್ತೆಯಾದಲ್ಲಿ ಚಿಕಿತ್ಸೆ ಸುಲಭ ಎಂದು ವೈದ್ಯರು ತಿಳಿಸಿದರು.
ಕ್ಯಾನ್ಸರ್ ಮತ್ತು ಸ್ತನ ಕ್ಯಾನ್ಸರ್ ಗಳಿಂದ ಬಳಲುತ್ತಿರುವ ಮಹಿಳೆಯರು ಹೆಚ್ಚಿನ ಸಂಖ್ಯೆಯಲ್ಲಿ ಕಂಡುಬರುತ್ತಿದ್ದಾರೆ. 10 ವರ್ಷದಿಂದ 45 ವರ್ಷದೊಳಗಿನ ಮಹಿಳೆಯರು ತಪಾಸಣೆ ಮಾಡಿಸಿಕೊಳ್ಳಬೇಕು ಎಂದರು.
ಕ್ಯಾನ್ಸರ್ ಚಿಕಿತ್ಸೆಗೆ ಕಿದ್ವಾಯಿ ಆಸ್ಪತ್ರೆ ಸೇರಿದಂತೆ ಸರ್ಕಾರಿ ಆಸ್ಪತ್ರೆಗಳಲ್ಲಿ ಉಚಿತ ಚಿಕಿತ್ಸೆ ಲಭ್ಯವಿದೆ. ಮಹಿಳೆಯರು ನಿರ್ಲಕ್ಷ್ಯ ಮಾಡದೇ ಕಾಲಕಾಲಕ್ಕೆ ತಪಾಸಣೆ ಮಾಡಿಸಿಕೊಳ್ಳಬೇಕು.
ಸಾಮಾಜಿಕ, ಆರೋಗ್ಯ ಮತ್ತು ಶಿಕ್ಷಣ ಸ್ಥಾಯಿ ಸಮಿತಿ ಅಧ್ಯಕ್ಷರಾದ ಎಂ.ಕೆ.ಪದ್ಮರೋಜ, ಪಾಲಿಕೆ ಸದಸ್ಯರು, ಪಾಲಿಕೆ ಅಧಿಕಾರಿಗಳು, ವೈದ್ಯರು, ಆರೋಗ್ಯ ಸಿಬ್ಬಂದಿ ಹಾಗೂ ಮಹಿಳೆಯರು ಉಪಸ್ಥಿತರಿದ್ದರು.
